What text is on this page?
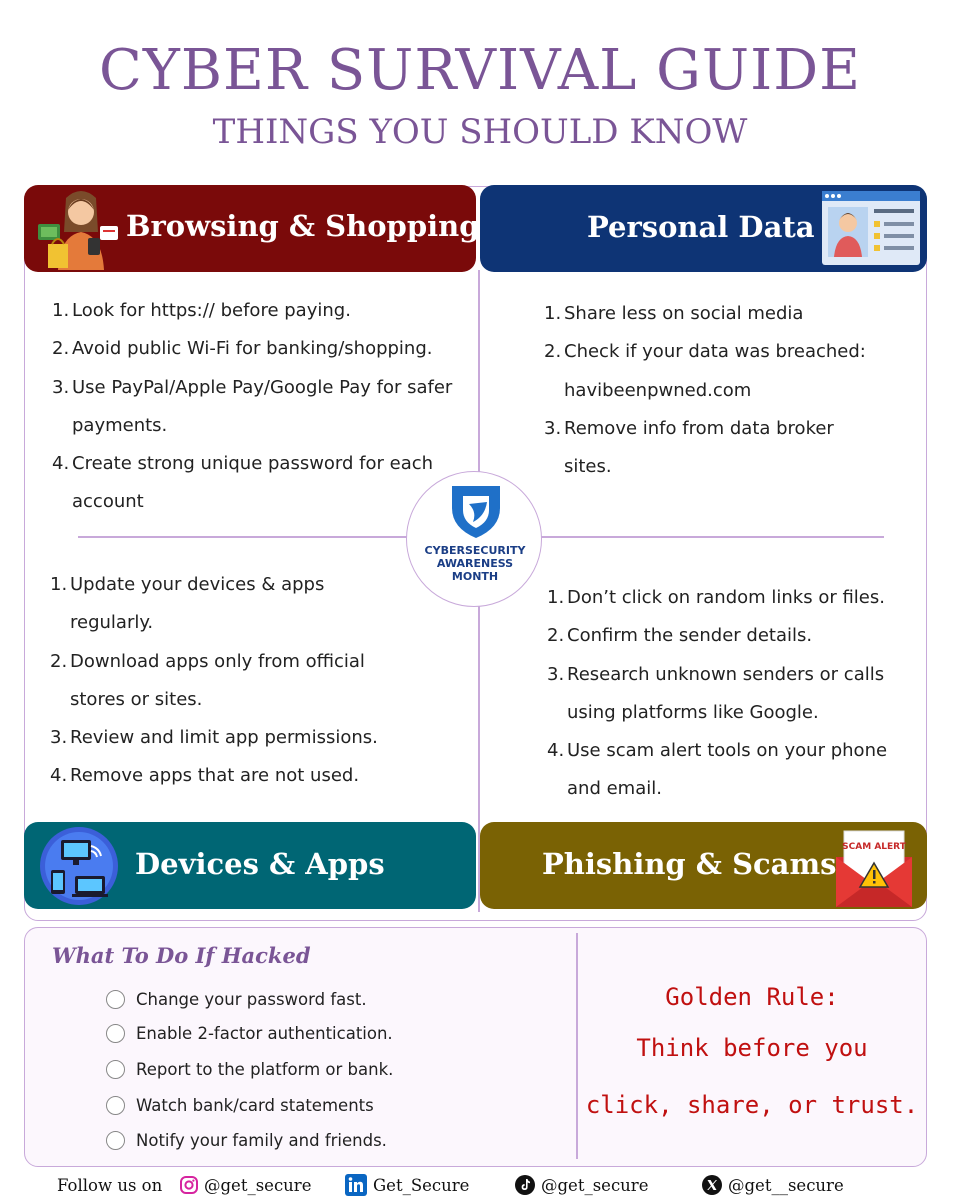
CYBER SURVIVAL GUIDE
THINGS YOU SHOULD KNOW
Browsing & Shopping	Personal Data
Devices & Apps	Phishing & Scams SCAM ALERT
1. Look for https:// before paying.
2. Avoid public Wi-Fi for banking/shopping.
3. Use PayPal/Apple Pay/Google Pay for safer
payments.
4. Create strong unique password for each
account
1. Share less on social media
2. Check if your data was breached:
havibeenpwned.com
3. Remove info from data broker
sites.
1. Update your devices & apps
regularly.
2. Download apps only from official
stores or sites.
3. Review and limit app permissions.
4. Remove apps that are not used.
1. Don’t click on random links or files.
2. Confirm the sender details.
3. Research unknown senders or calls
using platforms like Google.
4. Use scam alert tools on your phone
and email.
CYBERSECURITY
AWARENESS
MONTH
What To Do If Hacked
Change your password fast.
Enable 2-factor authentication.
Report to the platform or bank.
Watch bank/card statements
Notify your family and friends.
Golden Rule:
Think before you
click, share, or trust.
Follow us on	@get_secure	Get_Secure	@get_secure	@get__secure
